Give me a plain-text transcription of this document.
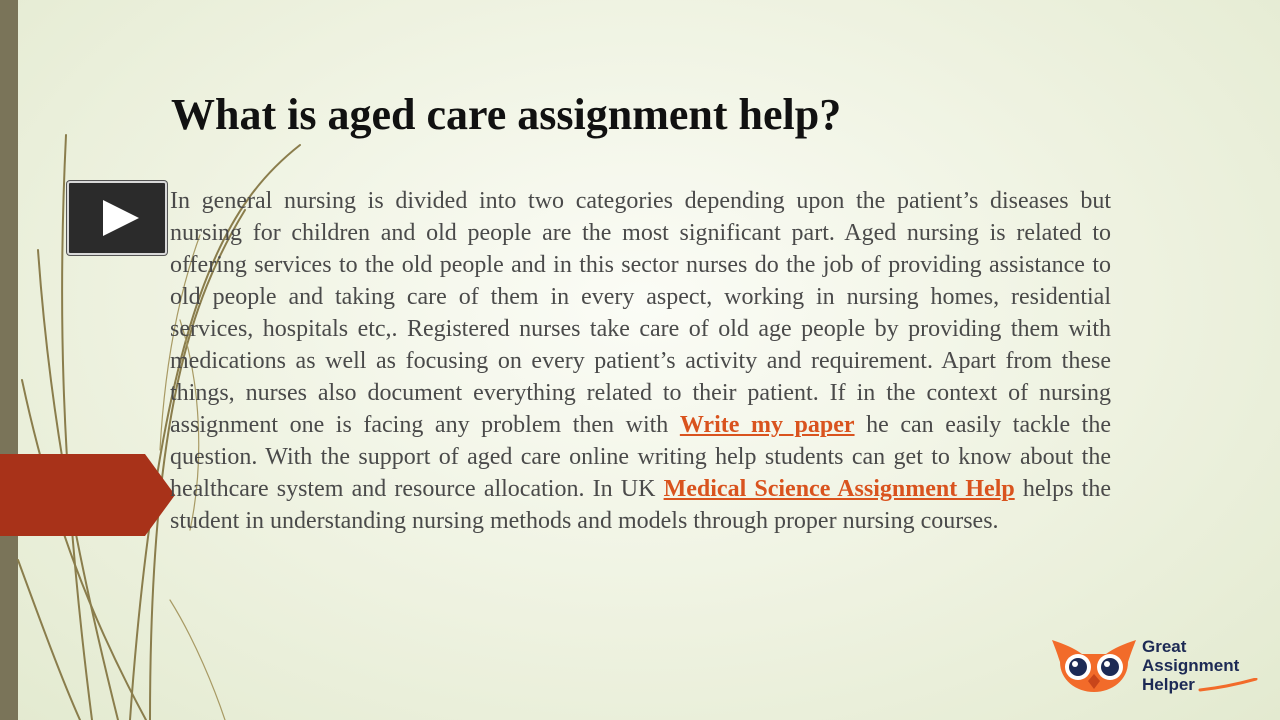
What is aged care assignment help?

In general nursing is divided into two categories depending upon the patient’s diseases but nursing for children and old people are the most significant part. Aged nursing is related to offering services to the old people and in this sector nurses do the job of providing assistance to old people and taking care of them in every aspect, working in nursing homes, residential services, hospitals etc,. Registered nurses take care of old age people by providing them with medications as well as focusing on every patient’s activity and requirement. Apart from these things, nurses also document everything related to their patient. If in the context of nursing assignment one is facing any problem then with Write my paper he can easily tackle the question. With the support of aged care online writing help students can get to know about the healthcare system and resource allocation. In UK Medical Science Assignment Help helps the student in understanding nursing methods and models through proper nursing courses.

Great
Assignment
Helper
